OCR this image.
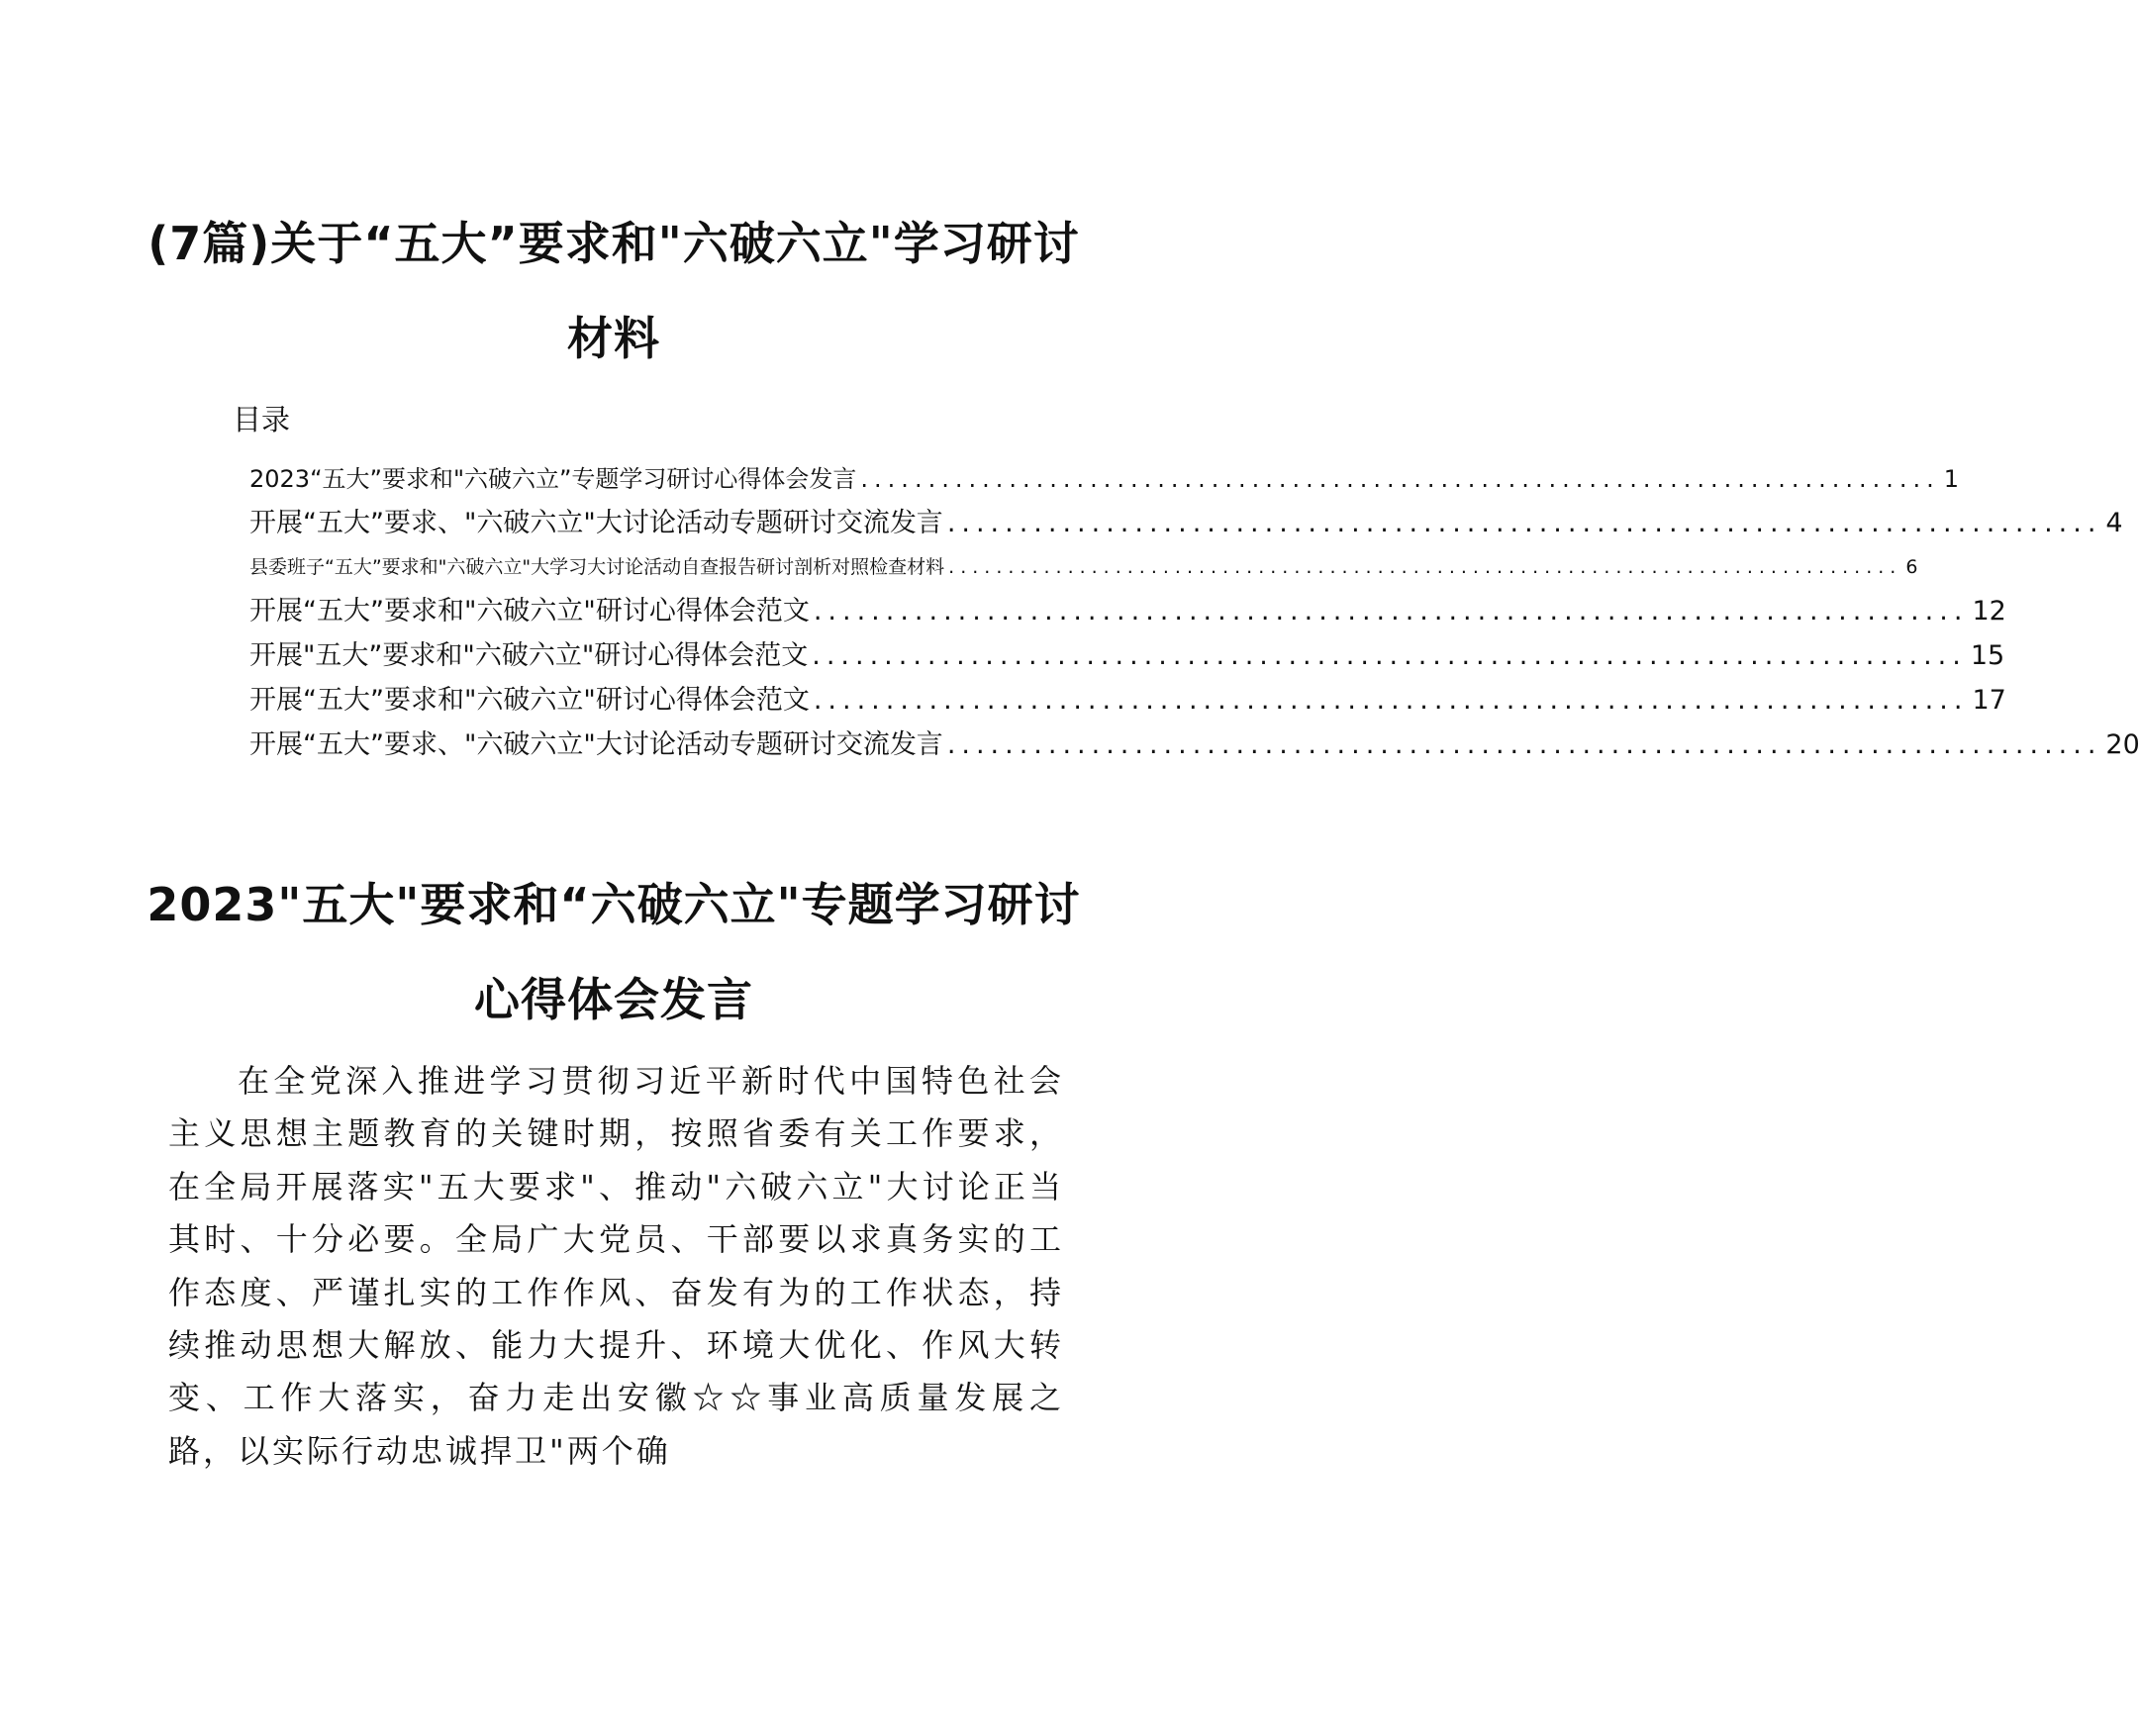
(7篇)关于“五大”要求和"六破六立"学习研讨材料
目录
2023“五大”要求和"六破六立”专题学习研讨心得体会发言 ................................................................................ 1
开展“五大”要求、"六破六立"大讨论活动专题研讨交流发言 ................................................................................ 4
县委班子“五大”要求和"六破六立"大学习大讨论活动自查报告研讨剖析对照检查材料 ................................................................................ 6
开展“五大”要求和"六破六立"研讨心得体会范文 ................................................................................ 12
开展"五大”要求和"六破六立"研讨心得体会范文 ................................................................................ 15
开展“五大”要求和"六破六立"研讨心得体会范文 ................................................................................ 17
开展“五大”要求、"六破六立"大讨论活动专题研讨交流发言 ................................................................................ 20
2023"五大"要求和“六破六立"专题学习研讨心得体会发言

在全党深入推进学习贯彻习近平新时代中国特色社会主义思想主题教育的关键时期，按照省委有关工作要求，在全局开展落实"五大要求"、推动"六破六立"大讨论正当其时、十分必要。全局广大党员、干部要以求真务实的工作态度、严谨扎实的工作作风、奋发有为的工作状态，持续推动思想大解放、能力大提升、环境大优化、作风大转变、工作大落实，奋力走出安徽☆☆事业高质量发展之路，以实际行动忠诚捍卫"两个确
